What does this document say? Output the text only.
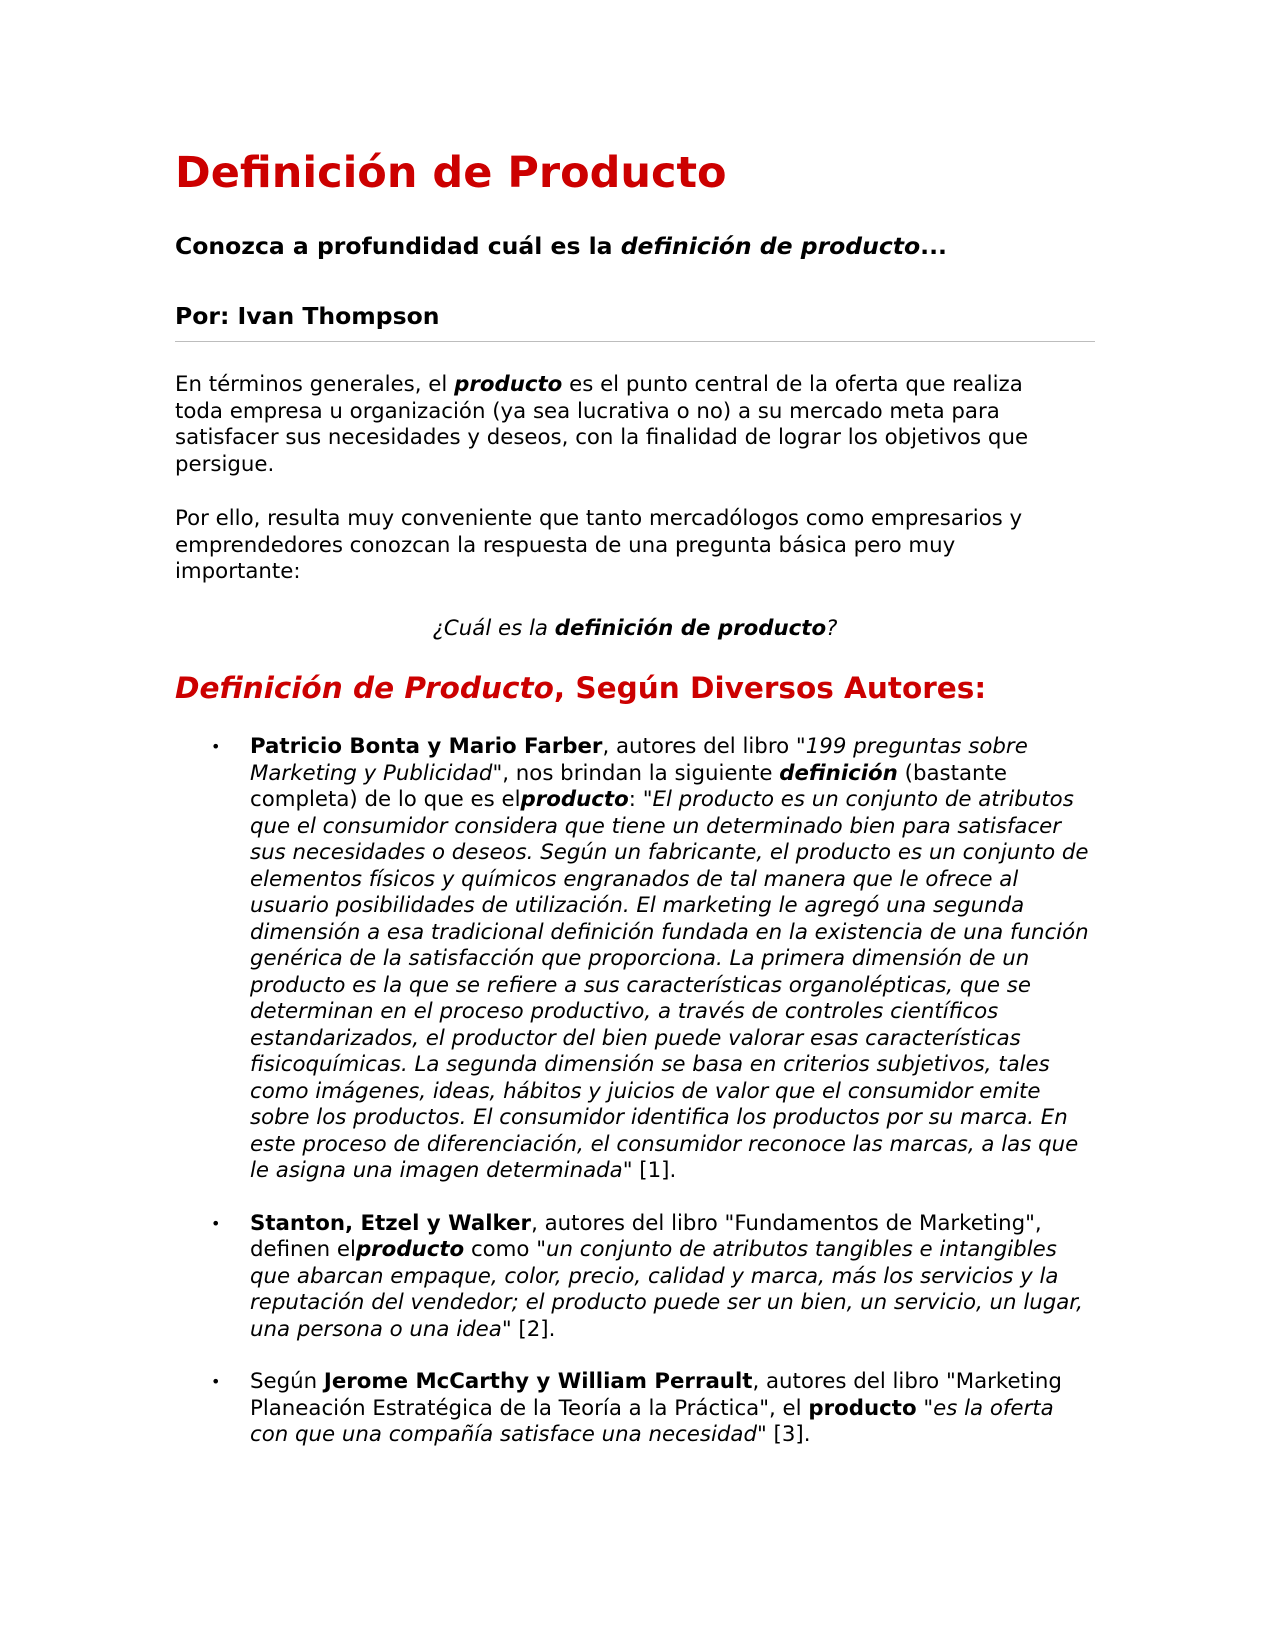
Definición de Producto
Conozca a profundidad cuál es la definición de producto...
Por: Ivan Thompson

En términos generales, el producto es el punto central de la oferta que realiza toda empresa u organización (ya sea lucrativa o no) a su mercado meta para satisfacer sus necesidades y deseos, con la finalidad de lograr los objetivos que persigue.

Por ello, resulta muy conveniente que tanto mercadólogos como empresarios y emprendedores conozcan la respuesta de una pregunta básica pero muy importante:

¿Cuál es la definición de producto?

Definición de Producto, Según Diversos Autores:
• Patricio Bonta y Mario Farber, autores del libro "199 preguntas sobre Marketing y Publicidad", nos brindan la siguiente definición (bastante completa) de lo que es elproducto: "El producto es un conjunto de atributos que el consumidor considera que tiene un determinado bien para satisfacer sus necesidades o deseos. Según un fabricante, el producto es un conjunto de elementos físicos y químicos engranados de tal manera que le ofrece al usuario posibilidades de utilización. El marketing le agregó una segunda dimensión a esa tradicional definición fundada en la existencia de una función genérica de la satisfacción que proporciona. La primera dimensión de un producto es la que se refiere a sus características organolépticas, que se determinan en el proceso productivo, a través de controles científicos estandarizados, el productor del bien puede valorar esas características fisicoquímicas. La segunda dimensión se basa en criterios subjetivos, tales como imágenes, ideas, hábitos y juicios de valor que el consumidor emite sobre los productos. El consumidor identifica los productos por su marca. En este proceso de diferenciación, el consumidor reconoce las marcas, a las que le asigna una imagen determinada" [1].
• Stanton, Etzel y Walker, autores del libro "Fundamentos de Marketing", definen elproducto como "un conjunto de atributos tangibles e intangibles que abarcan empaque, color, precio, calidad y marca, más los servicios y la reputación del vendedor; el producto puede ser un bien, un servicio, un lugar, una persona o una idea" [2].
• Según Jerome McCarthy y William Perrault, autores del libro "Marketing Planeación Estratégica de la Teoría a la Práctica", el producto "es la oferta con que una compañía satisface una necesidad" [3].
